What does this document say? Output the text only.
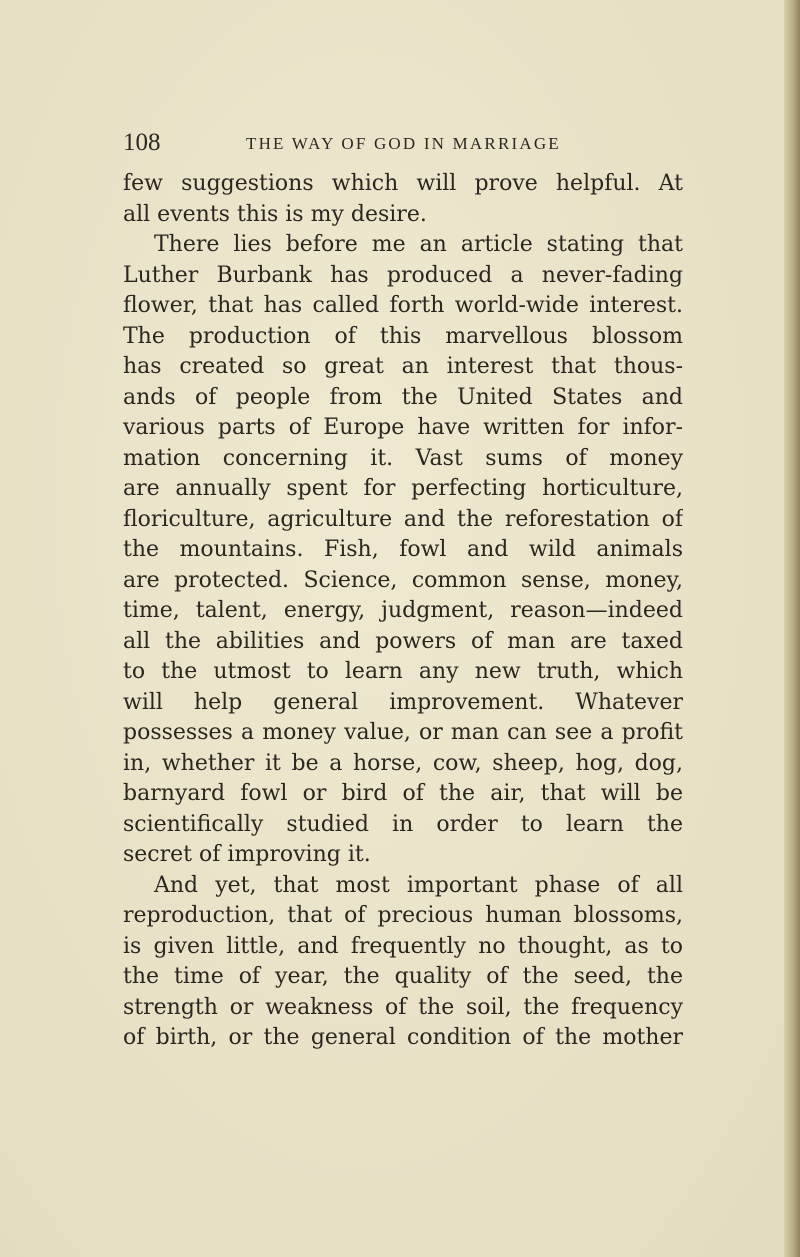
108	THE WAY OF GOD IN MARRIAGE
few suggestions which will prove helpful. At
all events this is my desire.
There lies before me an article stating that
Luther Burbank has produced a never-fading
flower, that has called forth world-wide interest.
The production of this marvellous blossom
has created so great an interest that thous-
ands of people from the United States and
various parts of Europe have written for infor-
mation concerning it. Vast sums of money
are annually spent for perfecting horticulture,
floriculture, agriculture and the reforestation of
the mountains. Fish, fowl and wild animals
are protected. Science, common sense, money,
time, talent, energy, judgment, reason—indeed
all the abilities and powers of man are taxed
to the utmost to learn any new truth, which
will help general improvement. Whatever
possesses a money value, or man can see a profit
in, whether it be a horse, cow, sheep, hog, dog,
barnyard fowl or bird of the air, that will be
scientifically studied in order to learn the
secret of improving it.
And yet, that most important phase of all
reproduction, that of precious human blossoms,
is given little, and frequently no thought, as to
the time of year, the quality of the seed, the
strength or weakness of the soil, the frequency
of birth, or the general condition of the mother
